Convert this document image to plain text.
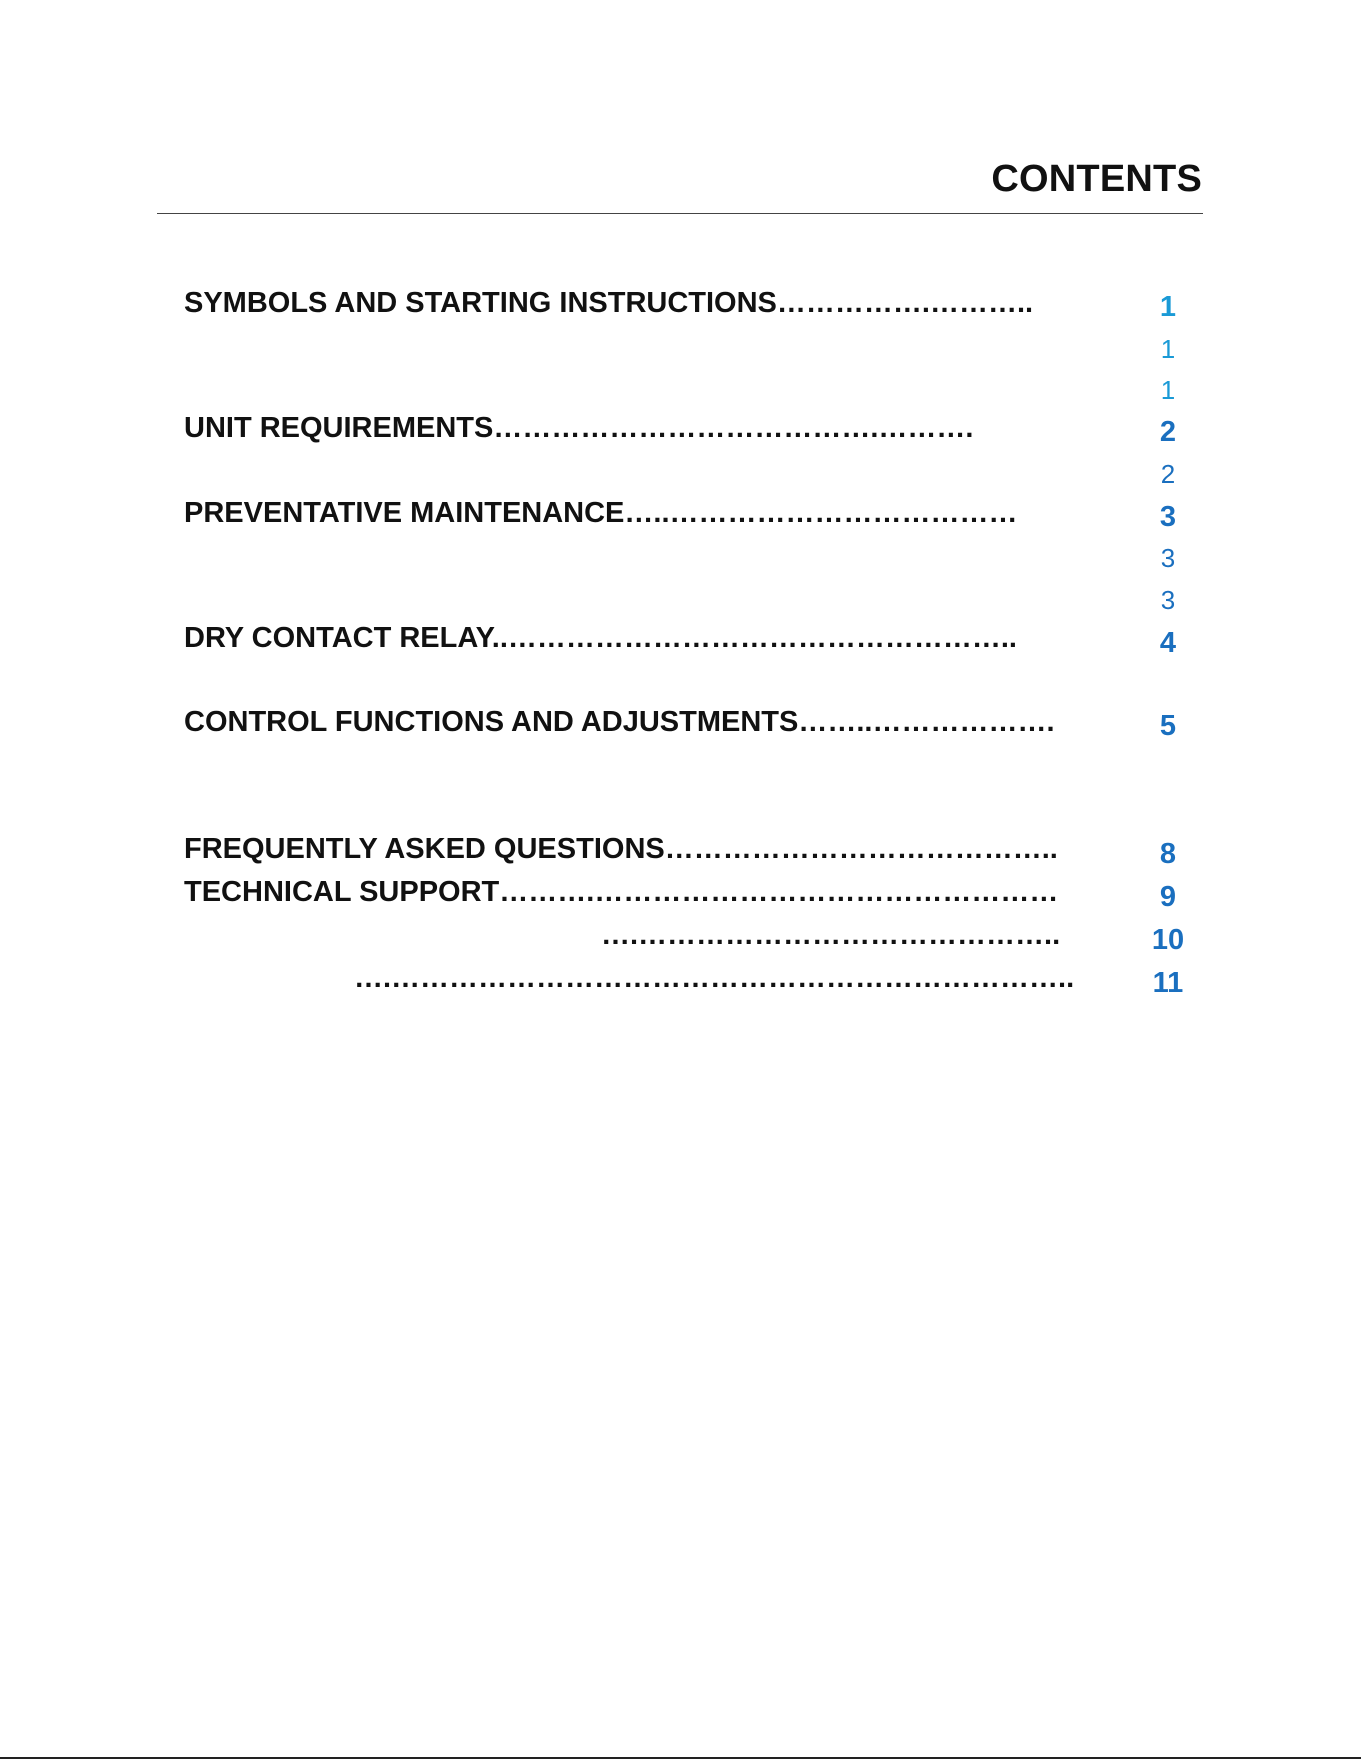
CONTENTS
SYMBOLS AND STARTING INSTRUCTIONS…………….………..	1
1
1
UNIT REQUIREMENTS………………………………….……….	2
2
PREVENTATIVE MAINTENANCE…..………………………………	3
3
3
DRY CONTACT RELAY..……………………………………………..	4
CONTROL FUNCTIONS AND ADJUSTMENTS……..……………….	5
FREQUENTLY ASKED QUESTIONS…………………………………..	8
TECHNICAL SUPPORT……….…………………………………………	9
….……………………………………..	10
….……………………………………………………………..	11
